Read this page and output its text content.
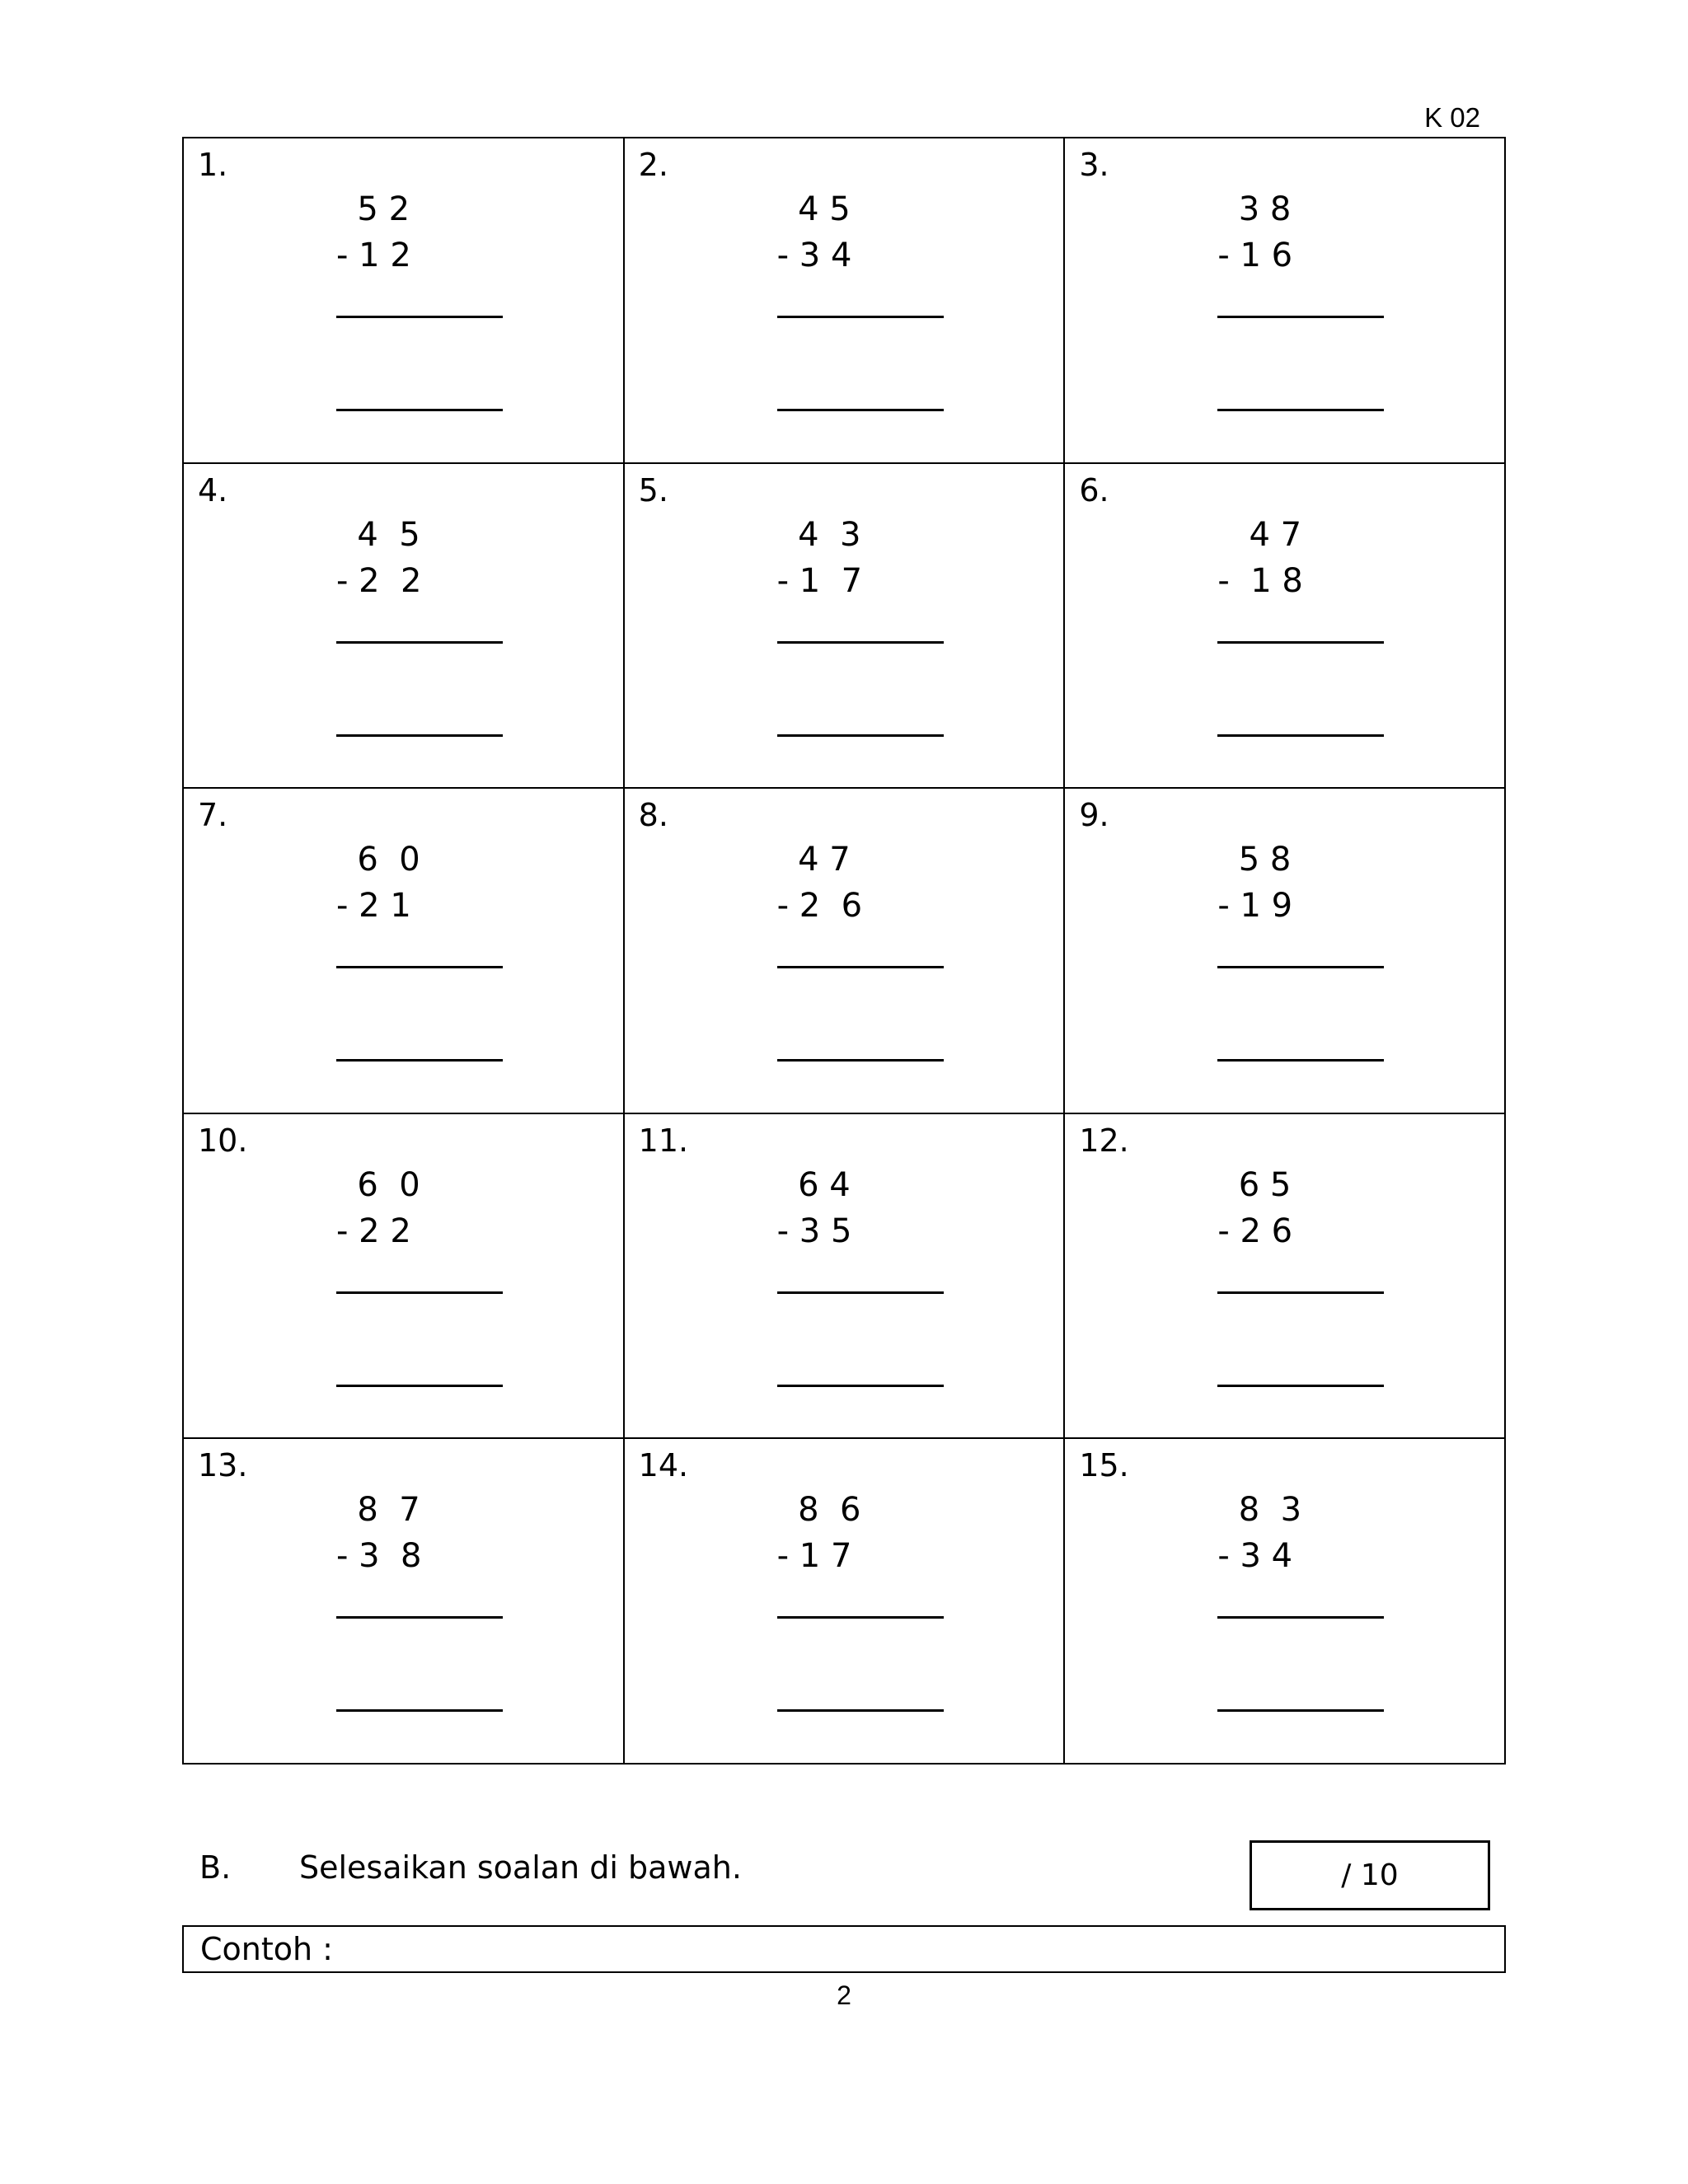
K 02
1.
5 2
- 1 2
2.
4 5
- 3 4
3.
3 8
- 1 6
4.
4  5
- 2  2
5.
4  3
- 1  7
6.
4 7
-  1 8
7.
6  0
- 2 1
8.
4 7
- 2  6
9.
5 8
- 1 9
10.
6  0
- 2 2
11.
6 4
- 3 5
12.
6 5
- 2 6
13.
8  7
- 3  8
14.
8  6
- 1 7
15.
8  3
- 3 4
B. Selesaikan soalan di bawah.	/ 10
Contoh :
2
